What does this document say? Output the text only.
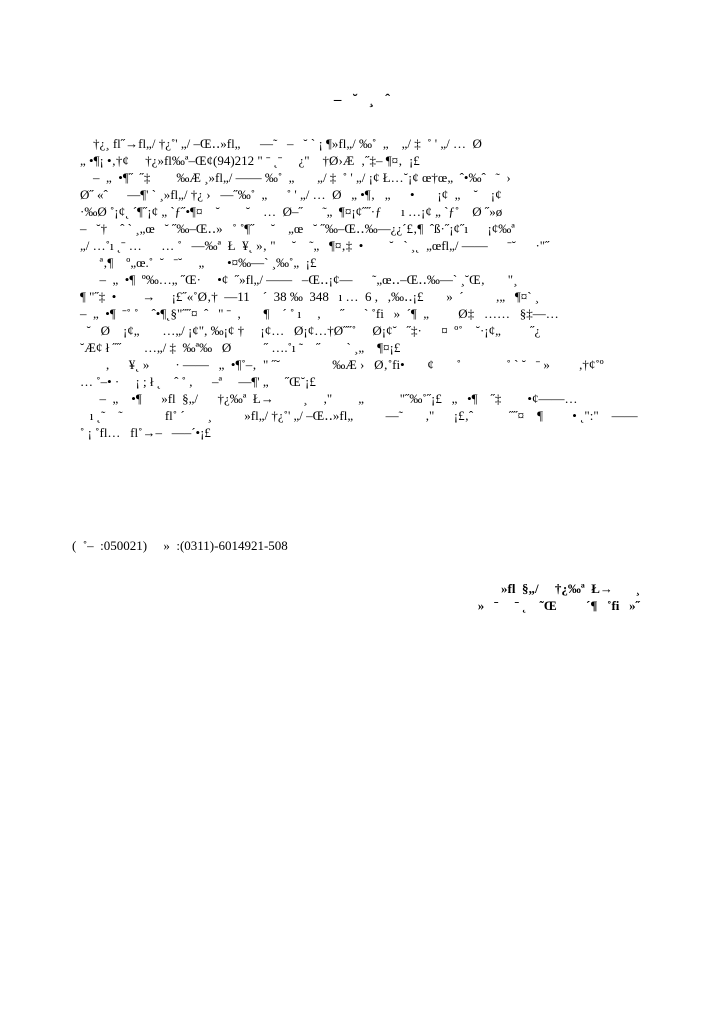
–   ˘   ¸   ˆ
†¿¸ fl˝→fl„/ †¿˚' „/ –Œ‥»fl„      —˜   –   ˘ ` ¡ ¶»fl„/ ‰˚  „    „/ ‡  ˚ ' „/ …  Ø
„ •¶¡ •‚†¢     †¿»fl‰ª–Œ¢(94)212 " ˉ ˛ˉ     ¿"    †Ø›Æ  ‚˝‡– ¶¤‚  ¡£
–  „  •¶˝  ˝‡        ‰Æ ¸»fl„/ —— ‰˚  „       „/ ‡  ˚ ' „/ ¡¢ Ł…˘¡¢ œ†œ„  ˆ•‰ˆ   ˜  ›
Ø˝ «ˆ      —¶' ` ¸»fl„/ †¿ ›   —˝‰˚  „      ˚ ' „/ …  Ø   „ •¶‚   „      •       ¡¢  „    ˘    ¡¢
·‰Ø ˚¡¢˛ ´¶˝¡¢ „ ˋƒ˝•¶¤    ˘        ˘    …  Ø–˝      ˜„  ¶¤¡¢˝˝·ƒ      ı …¡¢ „ ˋƒ˚    Ø ˝»ø
–   ˘†    ˆ ˋ ¸„œ   ˘ ˝‰–Œ‥»   ˚ ˚¶˝     ˘    „œ   ˘ ˝‰–Œ‥‰—¿¿´£‚¶  ˆß·˝¡¢˝ı      ¡¢‰ª
„/ …˚ı ˛ˉ …      … ˚   —‰ª  Ł  ¥˛ »‚ "     ˘    ˜„   ¶¤‚‡  •        ˘   ` ¸˛  „œfl„/ ——      ˉ˘      ·"˝
ª‚¶    º„œ.˚  ˘   ˉ˘     „       •¤‰—` ¸‰˚„  ¡£
–  „  •¶  º‰…„ ˝Œ·     •¢  ˝»fl„/ ——   –Œ‥¡¢—      ˜„œ‥–Œ‥‰—` ¸˘Œ‚       "¸
¶ "˝‡  •        →     ¡£˝«˚Ø‚†  —11    ´  38 ‰  348   ı …  6 ,   ,‰‥¡£       »  ´          ,„   ¶¤` ¸
–  „  •¶  ˉ˚ ˚    ˆ•¶˛§"˝˝¤  ˆ   " ˉ  ,       ¶    ´ ˚ ı     ,      ˝      ` ˚fi   »  ´¶  „         Ø‡   ……   §‡—…
˘   Ø    ¡¢„       …„/ ¡¢", ‰¡¢ †     ¡¢…   Ø¡¢…†Ø˝˝˚     Ø¡¢˘   ˝‡·      ¤  º˚    ˘·¡¢„         ˝¿
˘Æ¢ ł ˝˝       …„/ ‡  ‰ª‰   Ø          ˝ ….˚ı ˜    ˝        ` ¸„    ¶¤¡£
,      ¥˛ »        · ——   „  •¶˚–‚  " ˝˘                ‰Æ ›   Ø‚˚fi•       ¢       ˚              ˚ ` ˘   ˉ »         ,†¢˚º
… ˚–• ·     ¡ ; ł ˛    ˆ ˚ ,      –ª     —¶' „     ˝Œ˘¡£
–  „    •¶      »fl  §„/      †¿‰ª  Ł→         ¸     ,"        „           "˝‰˚˝¡£   „   •¶    ˝‡        •¢——…
ı ˛˜    ˜             fl˚ ´       ¸          »fl„/ †¿˚' „/ –Œ‥»fl„          —˜       ,"      ¡£‚ˆ           ˝˝¤    ¶         • ˛":"    ——
˚ ¡ ˚fl…   fl˚→–   —–´•¡£
(  ˚–  :050021)     »  :(0311)-6014921-508
»fl  §„/     †¿‰ª  Ł→       ¸
»   ˉ     ˉ ˛    ˜Œ         ´¶   ˚fi   »˝
